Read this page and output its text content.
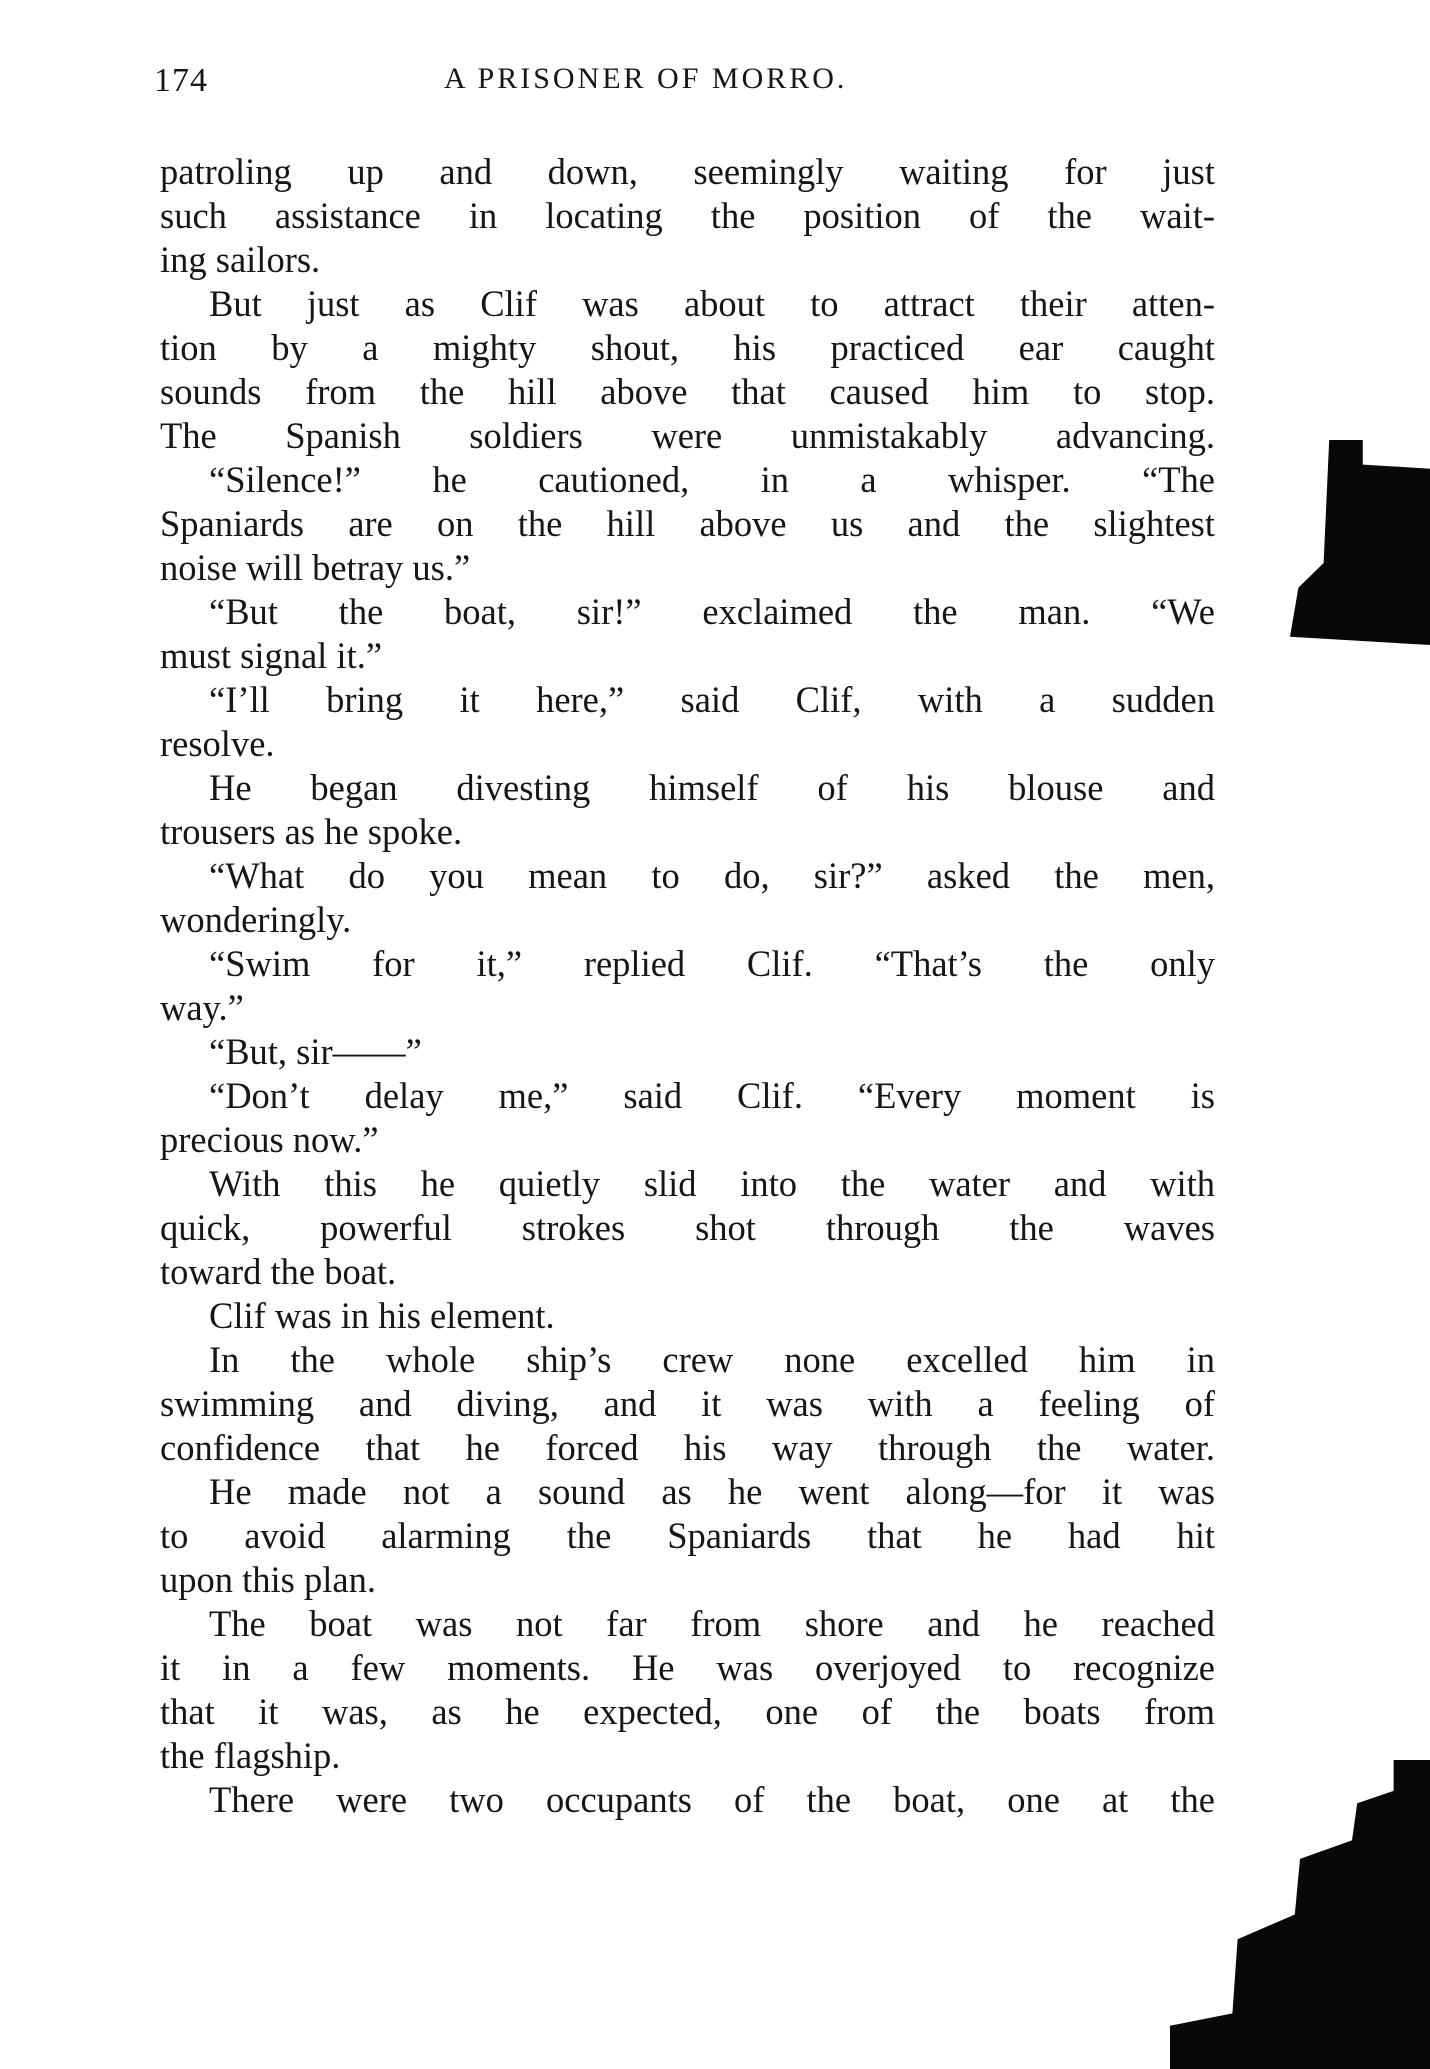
174	A PRISONER OF MORRO.
patroling up and down, seemingly waiting for just
such assistance in locating the position of the wait-
ing sailors.
But just as Clif was about to attract their atten-
tion by a mighty shout, his practiced ear caught
sounds from the hill above that caused him to stop.
The Spanish soldiers were unmistakably advancing.
“Silence!” he cautioned, in a whisper. “The
Spaniards are on the hill above us and the slightest
noise will betray us.”
“But the boat, sir!” exclaimed the man. “We
must signal it.”
“I’ll bring it here,” said Clif, with a sudden
resolve.
He began divesting himself of his blouse and
trousers as he spoke.
“What do you mean to do, sir?” asked the men,
wonderingly.
“Swim for it,” replied Clif. “That’s the only
way.”
“But, sir——”
“Don’t delay me,” said Clif. “Every moment is
precious now.”
With this he quietly slid into the water and with
quick, powerful strokes shot through the waves
toward the boat.
Clif was in his element.
In the whole ship’s crew none excelled him in
swimming and diving, and it was with a feeling of
confidence that he forced his way through the water.
He made not a sound as he went along—for it was
to avoid alarming the Spaniards that he had hit
upon this plan.
The boat was not far from shore and he reached
it in a few moments. He was overjoyed to recognize
that it was, as he expected, one of the boats from
the flagship.
There were two occupants of the boat, one at the
